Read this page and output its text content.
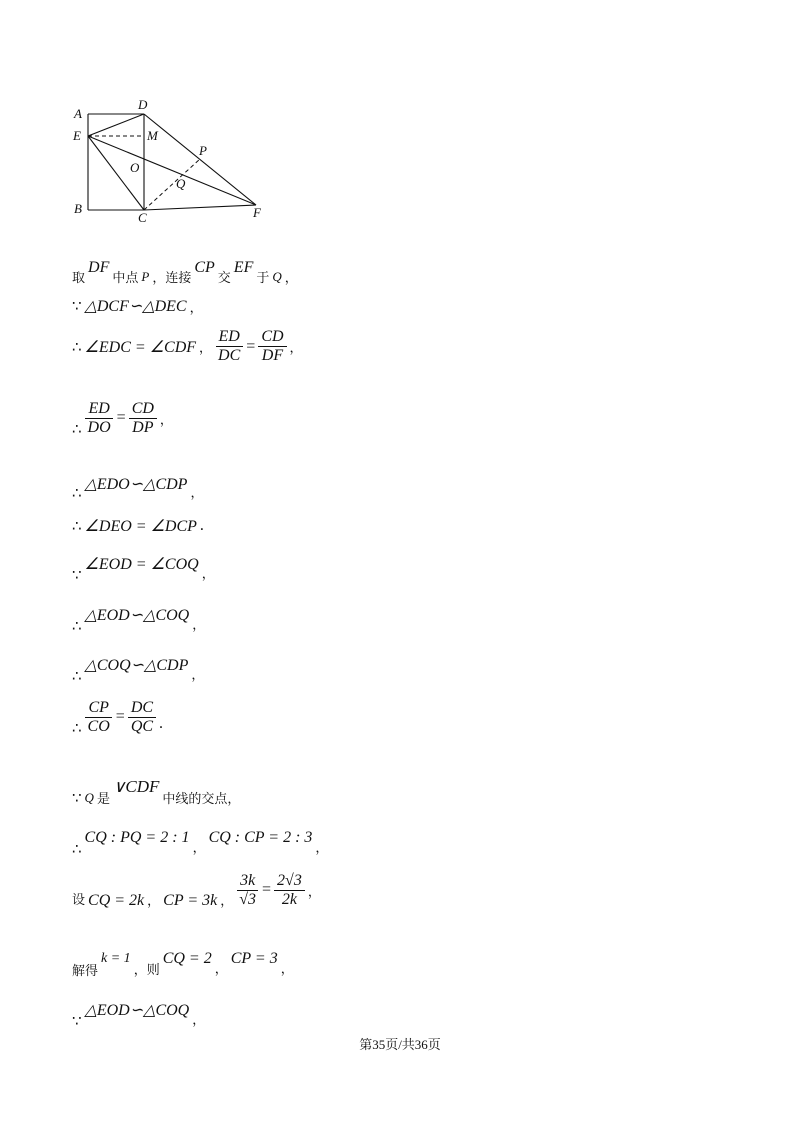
A
E
B
D
M
O
P
Q
C	F
取
DF
中点 P ，连接
CP
交
EF
于 Q ，
∵ △DCF∽△DEC ，
∴ ∠EDC = ∠CDF ， $\frac{ED}{DC} = \frac{CD}{DF}$ ，
∴ $\frac{ED}{DO} = \frac{CD}{DP}$ ，
∴ △EDO∽△CDP ，
∴ ∠DEO = ∠DCP .
∵
∠EOD = ∠COQ
，
∴
△EOD∽△COQ
，
∴
△COQ∽△CDP
，
∴ $\frac{CP}{CO} = \frac{DC}{QC}$ .
∵ Q 是
∨CDF
中线的交点，
∴
CQ : PQ = 2 : 1
，
CQ : CP = 2 : 3
，
设 CQ = 2k ， CP = 3k ， $\frac{3k}{√3} = \frac{2√3}{2k}$ ，
解得
k = 1
，则
CQ = 2
，
CP = 3
，
∵
△EOD∽△COQ
，
第35页/共36页
